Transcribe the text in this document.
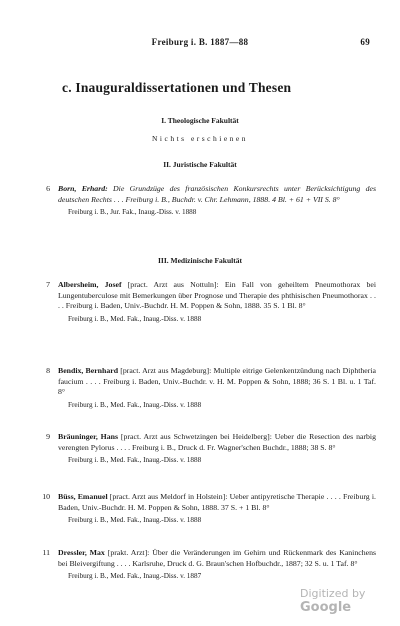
Freiburg i. B. 1887—88	69
c. Inauguraldissertationen und Thesen
I. Theologische Fakultät
Nichts erschienen
II. Juristische Fakultät
6 Born, Erhard: Die Grundzüge des französischen Konkursrechts unter Berücksichtigung des deutschen Rechts . . . Freiburg i. B., Buchdr. v. Chr. Lehmann, 1888. 4 Bl. + 61 + VII S. 8°
Freiburg i. B., Jur. Fak., Inaug.-Diss. v. 1888
III. Medizinische Fakultät
7 Albersheim, Josef [pract. Arzt aus Nottuln]: Ein Fall von geheiltem Pneumothorax bei Lungentuberculose mit Bemerkungen über Prognose und Therapie des phthisischen Pneumothorax . . . . Freiburg i. Baden, Univ.-Buchdr. H. M. Poppen & Sohn, 1888. 35 S. 1 Bl. 8°
Freiburg i. B., Med. Fak., Inaug.-Diss. v. 1888
8 Bendix, Bernhard [pract. Arzt aus Magdeburg]: Multiple eitrige Gelenkentzündung nach Diphtheria faucium . . . . Freiburg i. Baden, Univ.-Buchdr. v. H. M. Poppen & Sohn, 1888; 36 S. 1 Bl. u. 1 Taf. 8°
Freiburg i. B., Med. Fak., Inaug.-Diss. v. 1888
9 Bräuninger, Hans [pract. Arzt aus Schwetzingen bei Heidelberg]: Ueber die Resection des narbig verengten Pylorus . . . . Freiburg i. B., Druck d. Fr. Wagner'schen Buchdr., 1888; 38 S. 8°
Freiburg i. B., Med. Fak., Inaug.-Diss. v. 1888
10 Büss, Emanuel [pract. Arzt aus Meldorf in Holstein]: Ueber antipyretische Therapie . . . . Freiburg i. Baden, Univ.-Buchdr. H. M. Poppen & Sohn, 1888. 37 S. + 1 Bl. 8°
Freiburg i. B., Med. Fak., Inaug.-Diss. v. 1888
11 Dressler, Max [prakt. Arzt]: Über die Veränderungen im Gehirn und Rückenmark des Kaninchens bei Bleivergiftung . . . . Karlsruhe, Druck d. G. Braun'schen Hofbuchdr., 1887; 32 S. u. 1 Taf. 8°
Freiburg i. B., Med. Fak., Inaug.-Diss. v. 1887
Digitized by Google
